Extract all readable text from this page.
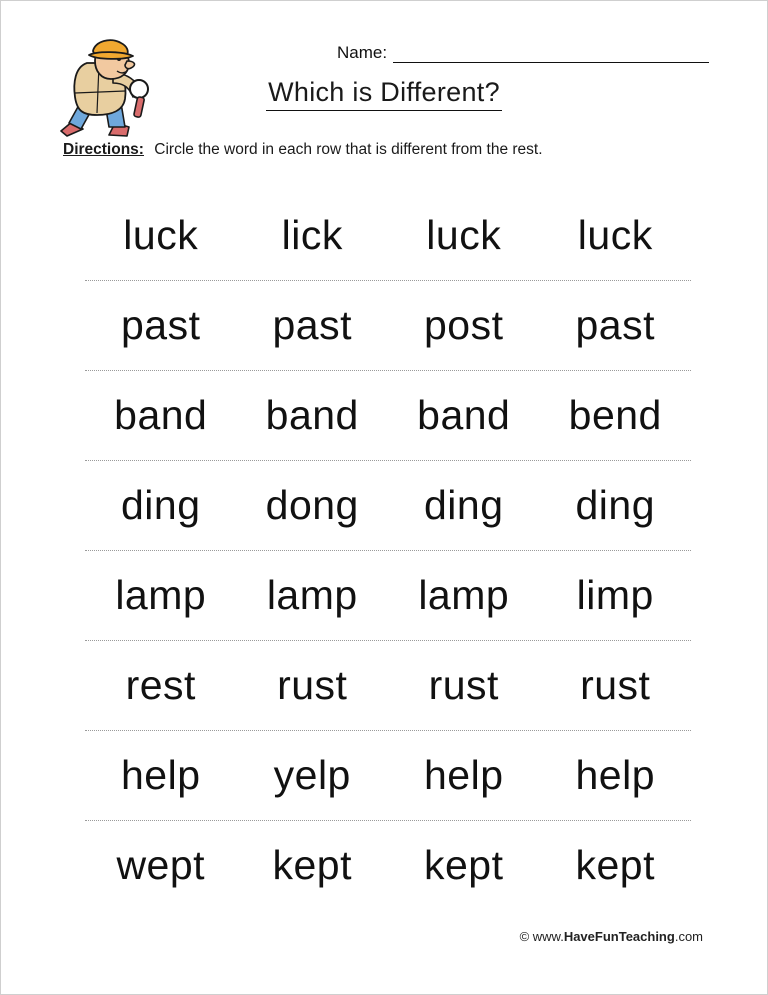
Name:
Which is Different?
Directions: Circle the word in each row that is different from the rest.
luck	lick	luck	luck
past	past	post	past
band	band	band	bend
ding	dong	ding	ding
lamp	lamp	lamp	limp
rest	rust	rust	rust
help	yelp	help	help
wept	kept	kept	kept
© www.HaveFunTeaching.com
